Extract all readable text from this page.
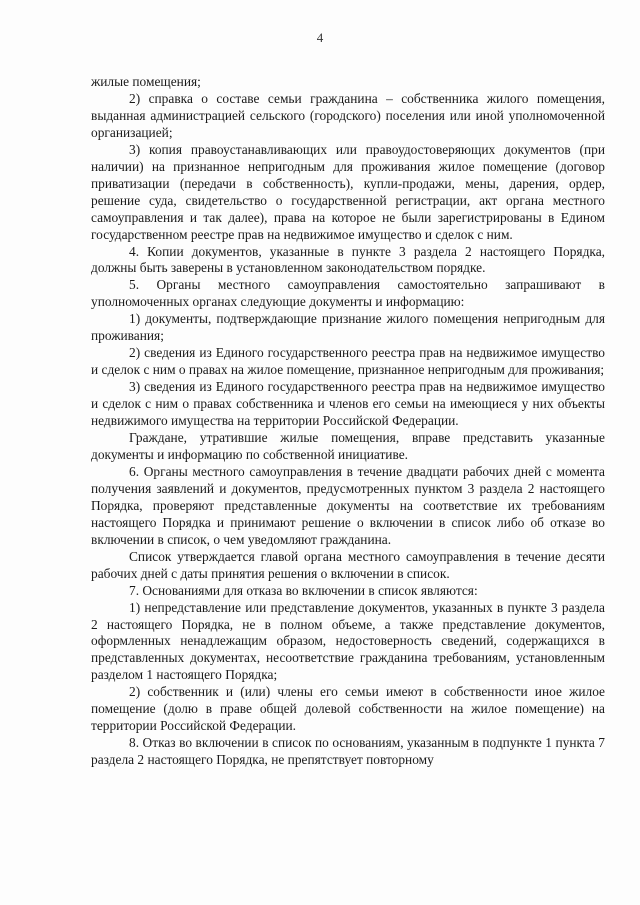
4

жилые помещения;

2) справка о составе семьи гражданина – собственника жилого помещения, выданная администрацией сельского (городского) поселения или иной уполномоченной организацией;

3) копия правоустанавливающих или правоудостоверяющих документов (при наличии) на признанное непригодным для проживания жилое помещение (договор приватизации (передачи в собственность), купли-продажи, мены, дарения, ордер, решение суда, свидетельство о государственной регистрации, акт органа местного самоуправления и так далее), права на которое не были зарегистрированы в Едином государственном реестре прав на недвижимое имущество и сделок с ним.

4. Копии документов, указанные в пункте 3 раздела 2 настоящего Порядка, должны быть заверены в установленном законодательством порядке.

5. Органы местного самоуправления самостоятельно запрашивают в уполномоченных органах следующие документы и информацию:

1) документы, подтверждающие признание жилого помещения непригодным для проживания;

2) сведения из Единого государственного реестра прав на недвижимое имущество и сделок с ним о правах на жилое помещение, признанное непригодным для проживания;

3) сведения из Единого государственного реестра прав на недвижимое имущество и сделок с ним о правах собственника и членов его семьи на имеющиеся у них объекты недвижимого имущества на территории Российской Федерации.

Граждане, утратившие жилые помещения, вправе представить указанные документы и информацию по собственной инициативе.

6. Органы местного самоуправления в течение двадцати рабочих дней с момента получения заявлений и документов, предусмотренных пунктом 3 раздела 2 настоящего Порядка, проверяют представленные документы на соответствие их требованиям настоящего Порядка и принимают решение о включении в список либо об отказе во включении в список, о чем уведомляют гражданина.

Список утверждается главой органа местного самоуправления в течение десяти рабочих дней с даты принятия решения о включении в список.

7. Основаниями для отказа во включении в список являются:

1) непредставление или представление документов, указанных в пункте 3 раздела 2 настоящего Порядка, не в полном объеме, а также представление документов, оформленных ненадлежащим образом, недостоверность сведений, содержащихся в представленных документах, несоответствие гражданина требованиям, установленным разделом 1 настоящего Порядка;

2) собственник и (или) члены его семьи имеют в собственности иное жилое помещение (долю в праве общей долевой собственности на жилое помещение) на территории Российской Федерации.

8. Отказ во включении в список по основаниям, указанным в подпункте 1 пункта 7 раздела 2 настоящего Порядка, не препятствует повторному
